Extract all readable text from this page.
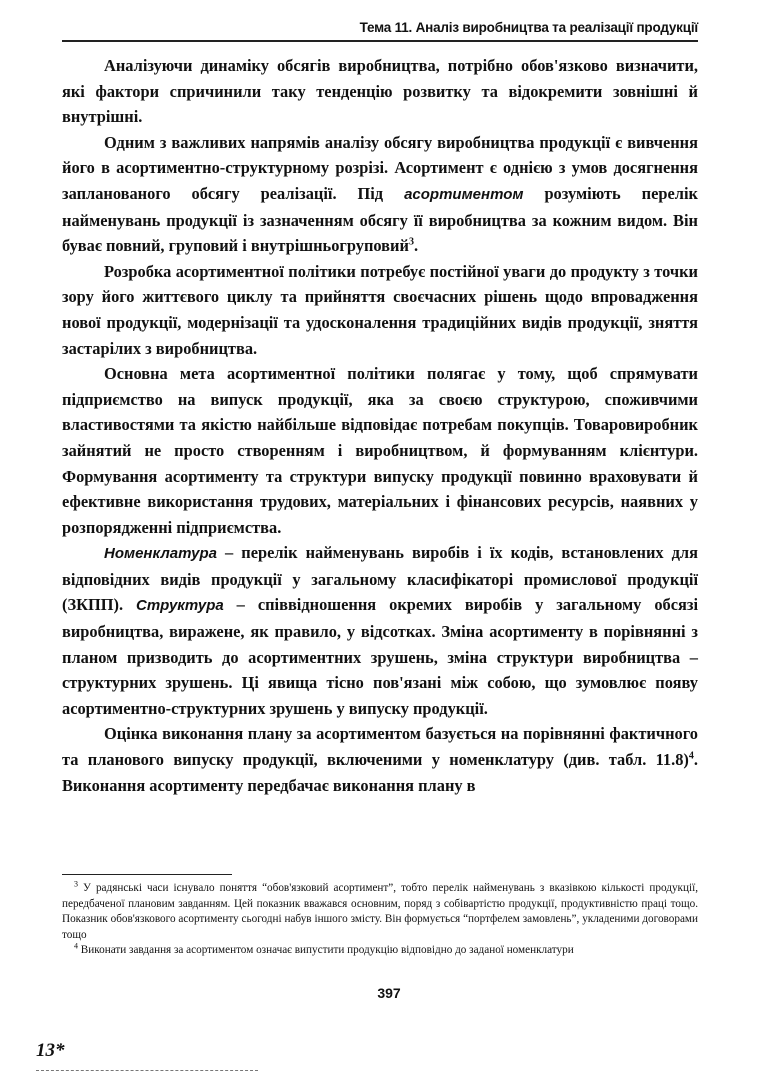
Тема 11. Аналіз виробництва та реалізації продукції

Аналізуючи динаміку обсягів виробництва, потрібно обов'язково визначити, які фактори спричинили таку тенденцію розвитку та відокремити зовнішні й внутрішні.

Одним з важливих напрямів аналізу обсягу виробництва продукції є вивчення його в асортиментно-структурному розрізі. Асортимент є однією з умов досягнення запланованого обсягу реалізації. Під асортиментом розуміють перелік найменувань продукції із зазначенням обсягу її виробництва за кожним видом. Він буває повний, груповий і внутрішньогруповий$^3$.

Розробка асортиментної політики потребує постійної уваги до продукту з точки зору його життєвого циклу та прийняття своєчасних рішень щодо впровадження нової продукції, модернізації та удосконалення традиційних видів продукції, зняття застарілих з виробництва.

Основна мета асортиментної політики полягає у тому, щоб спрямувати підприємство на випуск продукції, яка за своєю структурою, споживчими властивостями та якістю найбільше відповідає потребам покупців. Товаровиробник зайнятий не просто створенням і виробництвом, й формуванням клієнтури. Формування асортименту та структури випуску продукції повинно враховувати й ефективне використання трудових, матеріальних і фінансових ресурсів, наявних у розпорядженні підприємства.

Номенклатура – перелік найменувань виробів і їх кодів, встановлених для відповідних видів продукції у загальному класифікаторі промислової продукції (ЗКПП). Структура – співвідношення окремих виробів у загальному обсязі виробництва, виражене, як правило, у відсотках. Зміна асортименту в порівнянні з планом призводить до асортиментних зрушень, зміна структури виробництва – структурних зрушень. Ці явища тісно пов'язані між собою, що зумовлює появу асортиментно-структурних зрушень у випуску продукції.

Оцінка виконання плану за асортиментом базується на порівнянні фактичного та планового випуску продукції, включеними у номенклатуру (див. табл. 11.8)$^4$. Виконання асортименту передбачає виконання плану в

$^3$ У радянські часи існувало поняття “обов'язковий асортимент”, тобто перелік найменувань з вказівкою кількості продукції, передбаченої плановим завданням. Цей показник вважався основним, поряд з собівартістю продукції, продуктивністю праці тощо. Показник обов'язкового асортименту сьогодні набув іншого змісту. Він формується “портфелем замовлень”, укладеними договорами тощо

$^4$ Виконати завдання за асортиментом означає випустити продукцію відповідно до заданої номенклатури

397
13*
